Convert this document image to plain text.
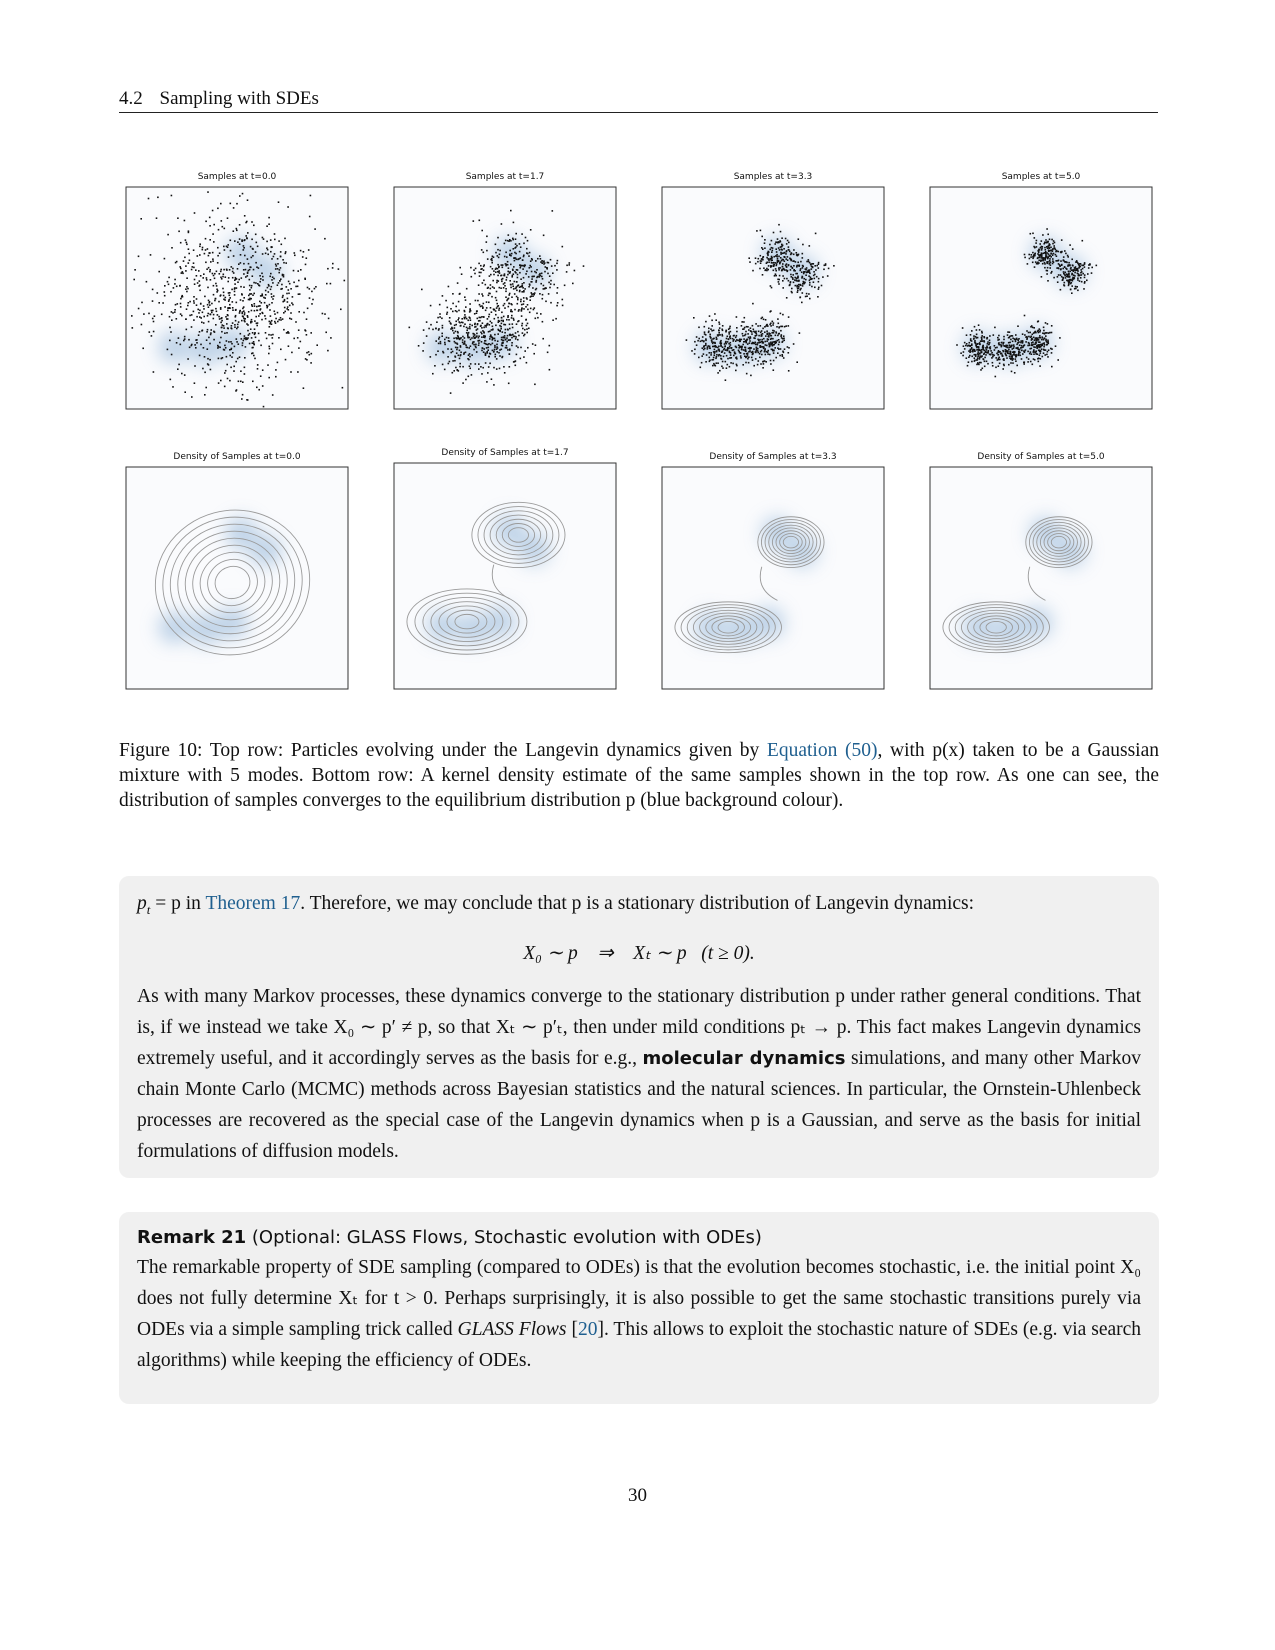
4.2 Sampling with SDEs
Samples at t=0.0	Samples at t=1.7	Samples at t=3.3	Samples at t=5.0
Density of Samples at t=0.0	Density of Samples at t=1.7	Density of Samples at t=3.3	Density of Samples at t=5.0
Figure 10: Top row: Particles evolving under the Langevin dynamics given by Equation (50), with p(x) taken to be a Gaussian mixture with 5 modes. Bottom row: A kernel density estimate of the same samples shown in the top row. As one can see, the distribution of samples converges to the equilibrium distribution p (blue background colour).

$p_t = p$ in Theorem 17. Therefore, we may conclude that p is a stationary distribution of Langevin dynamics:

X₀ ∼ p    ⇒    Xₜ ∼ p   (t ≥ 0).

As with many Markov processes, these dynamics converge to the stationary distribution p under rather general conditions. That is, if we instead we take X₀ ∼ p′ ≠ p, so that Xₜ ∼ p′ₜ, then under mild conditions pₜ → p. This fact makes Langevin dynamics extremely useful, and it accordingly serves as the basis for e.g., molecular dynamics simulations, and many other Markov chain Monte Carlo (MCMC) methods across Bayesian statistics and the natural sciences. In particular, the Ornstein-Uhlenbeck processes are recovered as the special case of the Langevin dynamics when p is a Gaussian, and serve as the basis for initial formulations of diffusion models.

Remark 21 (Optional: GLASS Flows, Stochastic evolution with ODEs)

The remarkable property of SDE sampling (compared to ODEs) is that the evolution becomes stochastic, i.e. the initial point X₀ does not fully determine Xₜ for t > 0. Perhaps surprisingly, it is also possible to get the same stochastic transitions purely via ODEs via a simple sampling trick called GLASS Flows [20]. This allows to exploit the stochastic nature of SDEs (e.g. via search algorithms) while keeping the efficiency of ODEs.

30
